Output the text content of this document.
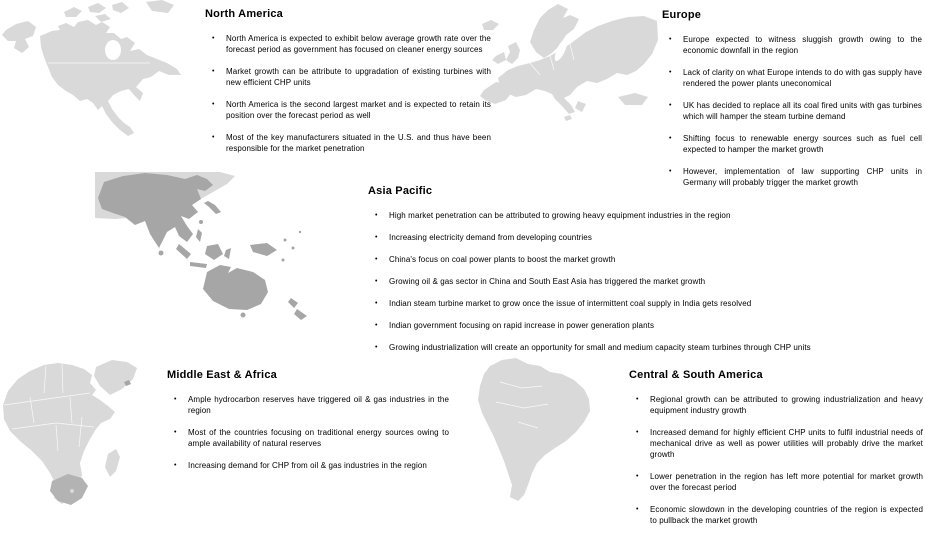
North America
• North America is expected to exhibit below average growth rate over the forecast period as government has focused on cleaner energy sources
• Market growth can be attribute to upgradation of existing turbines with new efficient CHP units
• North America is the second largest market and is expected to retain its position over the forecast period as well
• Most of the key manufacturers situated in the U.S. and thus have been responsible for the market penetration
Europe
• Europe expected to witness sluggish growth owing to the economic downfall in the region
• Lack of clarity on what Europe intends to do with gas supply have rendered the power plants uneconomical
• UK has decided to replace all its coal fired units with gas turbines which will hamper the steam turbine demand
• Shifting focus to renewable energy sources such as fuel cell expected to hamper the market growth
• However, implementation of law supporting CHP units in Germany will probably trigger the market growth
Asia Pacific
• High market penetration can be attributed to growing heavy equipment industries in the region
• Increasing electricity demand from developing countries
• China's focus on coal power plants to boost the market growth
• Growing oil & gas sector in China and South East Asia has triggered the market growth
• Indian steam turbine market to grow once the issue of intermittent coal supply in India gets resolved
• Indian government focusing on rapid increase in power generation plants
• Growing industrialization will create an opportunity for small and medium capacity steam turbines through CHP units
Middle East & Africa
• Ample hydrocarbon reserves have triggered oil & gas industries in the region
• Most of the countries focusing on traditional energy sources owing to ample availability of natural reserves
• Increasing demand for CHP from oil & gas industries in the region
Central & South America
• Regional growth can be attributed to growing industrialization and heavy equipment industry growth
• Increased demand for highly efficient CHP units to fulfil industrial needs of mechanical drive as well as power utilities will probably drive the market growth
• Lower penetration in the region has left more potential for market growth over the forecast period
• Economic slowdown in the developing countries of the region is expected to pullback the market growth
